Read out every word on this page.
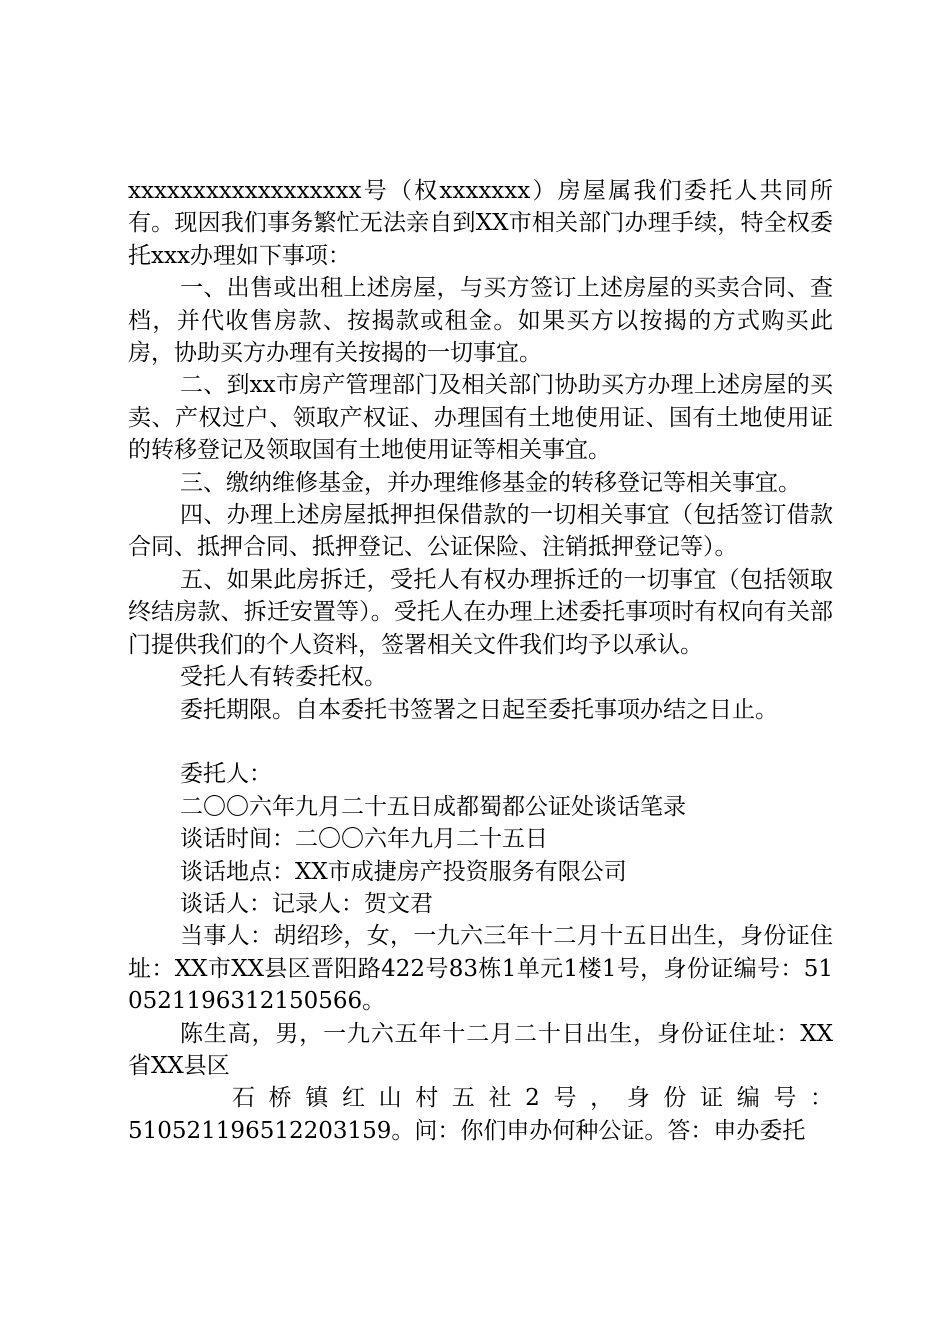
xxxxxxxxxxxxxxxxxx号（权xxxxxxx）房屋属我们委托人共同所有。现因我们事务繁忙无法亲自到XX市相关部门办理手续，特全权委托xxx办理如下事项：

一、出售或出租上述房屋，与买方签订上述房屋的买卖合同、查档，并代收售房款、按揭款或租金。如果买方以按揭的方式购买此房，协助买方办理有关按揭的一切事宜。

二、到xx市房产管理部门及相关部门协助买方办理上述房屋的买卖、产权过户、领取产权证、办理国有土地使用证、国有土地使用证的转移登记及领取国有土地使用证等相关事宜。

三、缴纳维修基金，并办理维修基金的转移登记等相关事宜。

四、办理上述房屋抵押担保借款的一切相关事宜（包括签订借款合同、抵押合同、抵押登记、公证保险、注销抵押登记等）。

五、如果此房拆迁，受托人有权办理拆迁的一切事宜（包括领取终结房款、拆迁安置等）。受托人在办理上述委托事项时有权向有关部门提供我们的个人资料，签署相关文件我们均予以承认。

受托人有转委托权。

委托期限。自本委托书签署之日起至委托事项办结之日止。

委托人：

二〇〇六年九月二十五日成都蜀都公证处谈话笔录

谈话时间：二〇〇六年九月二十五日

谈话地点：XX市成捷房产投资服务有限公司

谈话人：记录人：贺文君

当事人：胡绍珍，女，一九六三年十二月十五日出生，身份证住址：XX市XX县区晋阳路422号83栋1单元1楼1号，身份证编号：510521196312150566。

陈生高，男，一九六五年十二月二十日出生，身份证住址：XX省XX县区

石桥镇红山村五社2号，身份证编号：

510521196512203159。问：你们申办何种公证。答：申办委托
